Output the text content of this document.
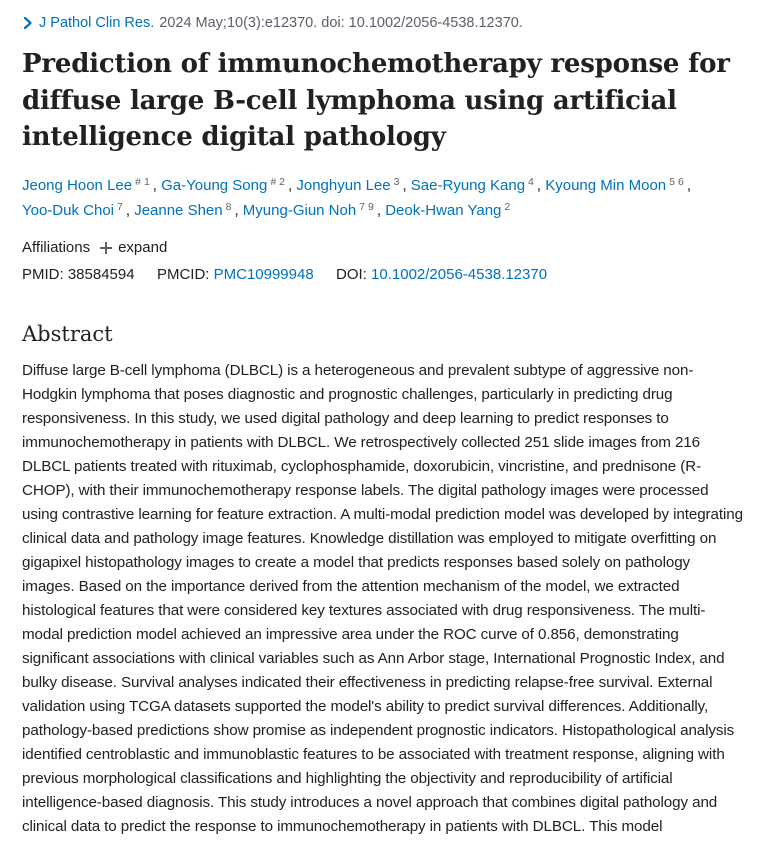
J Pathol Clin Res. 2024 May;10(3):e12370. doi: 10.1002/2056-4538.12370.
Prediction of immunochemotherapy response for diffuse large B-cell lymphoma using artificial intelligence digital pathology
Jeong Hoon Lee $^{\# 1}$ , Ga-Young Song $^{\# 2}$ , Jonghyun Lee $^3$ , Sae-Ryung Kang $^4$ , Kyoung Min Moon $^{5 6}$ , Yoo-Duk Choi $^7$ , Jeanne Shen $^8$ , Myung-Giun Noh $^{7 9}$ , Deok-Hwan Yang $^2$
Affiliations expand
PMID: 38584594 PMCID: PMC10999948 DOI: 10.1002/2056-4538.12370
Abstract
Diffuse large B-cell lymphoma (DLBCL) is a heterogeneous and prevalent subtype of aggressive non-Hodgkin lymphoma that poses diagnostic and prognostic challenges, particularly in predicting drug responsiveness. In this study, we used digital pathology and deep learning to predict responses to immunochemotherapy in patients with DLBCL. We retrospectively collected 251 slide images from 216 DLBCL patients treated with rituximab, cyclophosphamide, doxorubicin, vincristine, and prednisone (R-CHOP), with their immunochemotherapy response labels. The digital pathology images were processed using contrastive learning for feature extraction. A multi-modal prediction model was developed by integrating clinical data and pathology image features. Knowledge distillation was employed to mitigate overfitting on gigapixel histopathology images to create a model that predicts responses based solely on pathology images. Based on the importance derived from the attention mechanism of the model, we extracted histological features that were considered key textures associated with drug responsiveness. The multi-modal prediction model achieved an impressive area under the ROC curve of 0.856, demonstrating significant associations with clinical variables such as Ann Arbor stage, International Prognostic Index, and bulky disease. Survival analyses indicated their effectiveness in predicting relapse-free survival. External validation using TCGA datasets supported the model's ability to predict survival differences. Additionally, pathology-based predictions show promise as independent prognostic indicators. Histopathological analysis identified centroblastic and immunoblastic features to be associated with treatment response, aligning with previous morphological classifications and highlighting the objectivity and reproducibility of artificial intelligence-based diagnosis. This study introduces a novel approach that combines digital pathology and clinical data to predict the response to immunochemotherapy in patients with DLBCL. This model
